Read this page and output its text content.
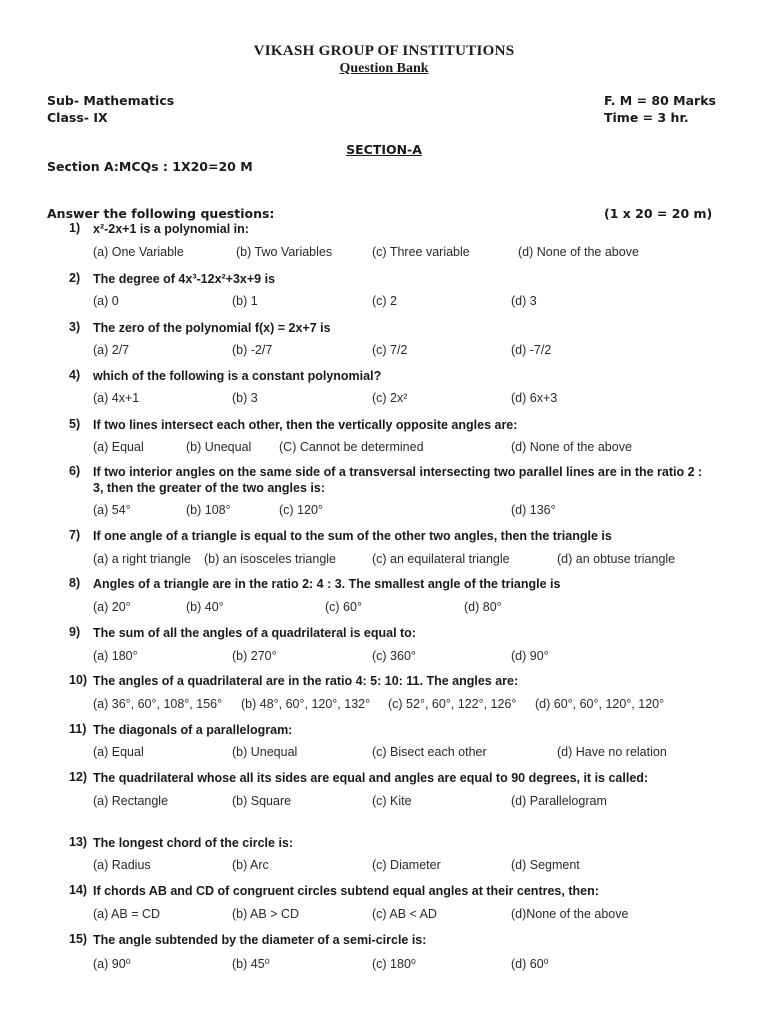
VIKASH GROUP OF INSTITUTIONS
Question Bank
Sub- Mathematics
Class- IX
F. M = 80 Marks
Time = 3 hr.
SECTION-A
Section A:MCQs : 1X20=20 M
Answer the following questions:	(1 x 20 = 20 m)
1) x²-2x+1 is a polynomial in:
(a) One Variable	(b) Two Variables	(c) Three variable	(d) None of the above
2) The degree of 4x³-12x²+3x+9 is
(a) 0	(b) 1	(c) 2	(d) 3
3) The zero of the polynomial f(x) = 2x+7 is
(a) 2/7	(b) -2/7	(c) 7/2	(d) -7/2
4) which of the following is a constant polynomial?
(a) 4x+1	(b) 3	(c) 2x²	(d) 6x+3
5) If two lines intersect each other, then the vertically opposite angles are:
(a) Equal	(b) Unequal (C) Cannot be determined	(d) None of the above
6) If two interior angles on the same side of a transversal intersecting two parallel lines are in the ratio 2 : 3, then the greater of the two angles is:
(a) 54°	(b) 108°	(c) 120°	(d) 136°
7) If one angle of a triangle is equal to the sum of the other two angles, then the triangle is
(a) a right triangle (b) an isosceles triangle	(c) an equilateral triangle	(d) an obtuse triangle
8) Angles of a triangle are in the ratio 2: 4 : 3. The smallest angle of the triangle is
(a) 20°	(b) 40°	(c) 60°	(d) 80°
9) The sum of all the angles of a quadrilateral is equal to:
(a) 180°	(b) 270°	(c) 360°	(d) 90°
10) The angles of a quadrilateral are in the ratio 4: 5: 10: 11. The angles are:
(a) 36°, 60°, 108°, 156° (b) 48°, 60°, 120°, 132° (c) 52°, 60°, 122°, 126° (d) 60°, 60°, 120°, 120°
11) The diagonals of a parallelogram:
(a) Equal	(b) Unequal	(c) Bisect each other	(d) Have no relation
12) The quadrilateral whose all its sides are equal and angles are equal to 90 degrees, it is called:
(a) Rectangle	(b) Square	(c) Kite	(d) Parallelogram
13) The longest chord of the circle is:
(a) Radius	(b) Arc	(c) Diameter	(d) Segment
14) If chords AB and CD of congruent circles subtend equal angles at their centres, then:
(a) AB = CD	(b) AB > CD	(c) AB < AD	(d)None of the above
15) The angle subtended by the diameter of a semi-circle is:
(a) 90⁰	(b) 45⁰	(c) 180⁰	(d) 60⁰
